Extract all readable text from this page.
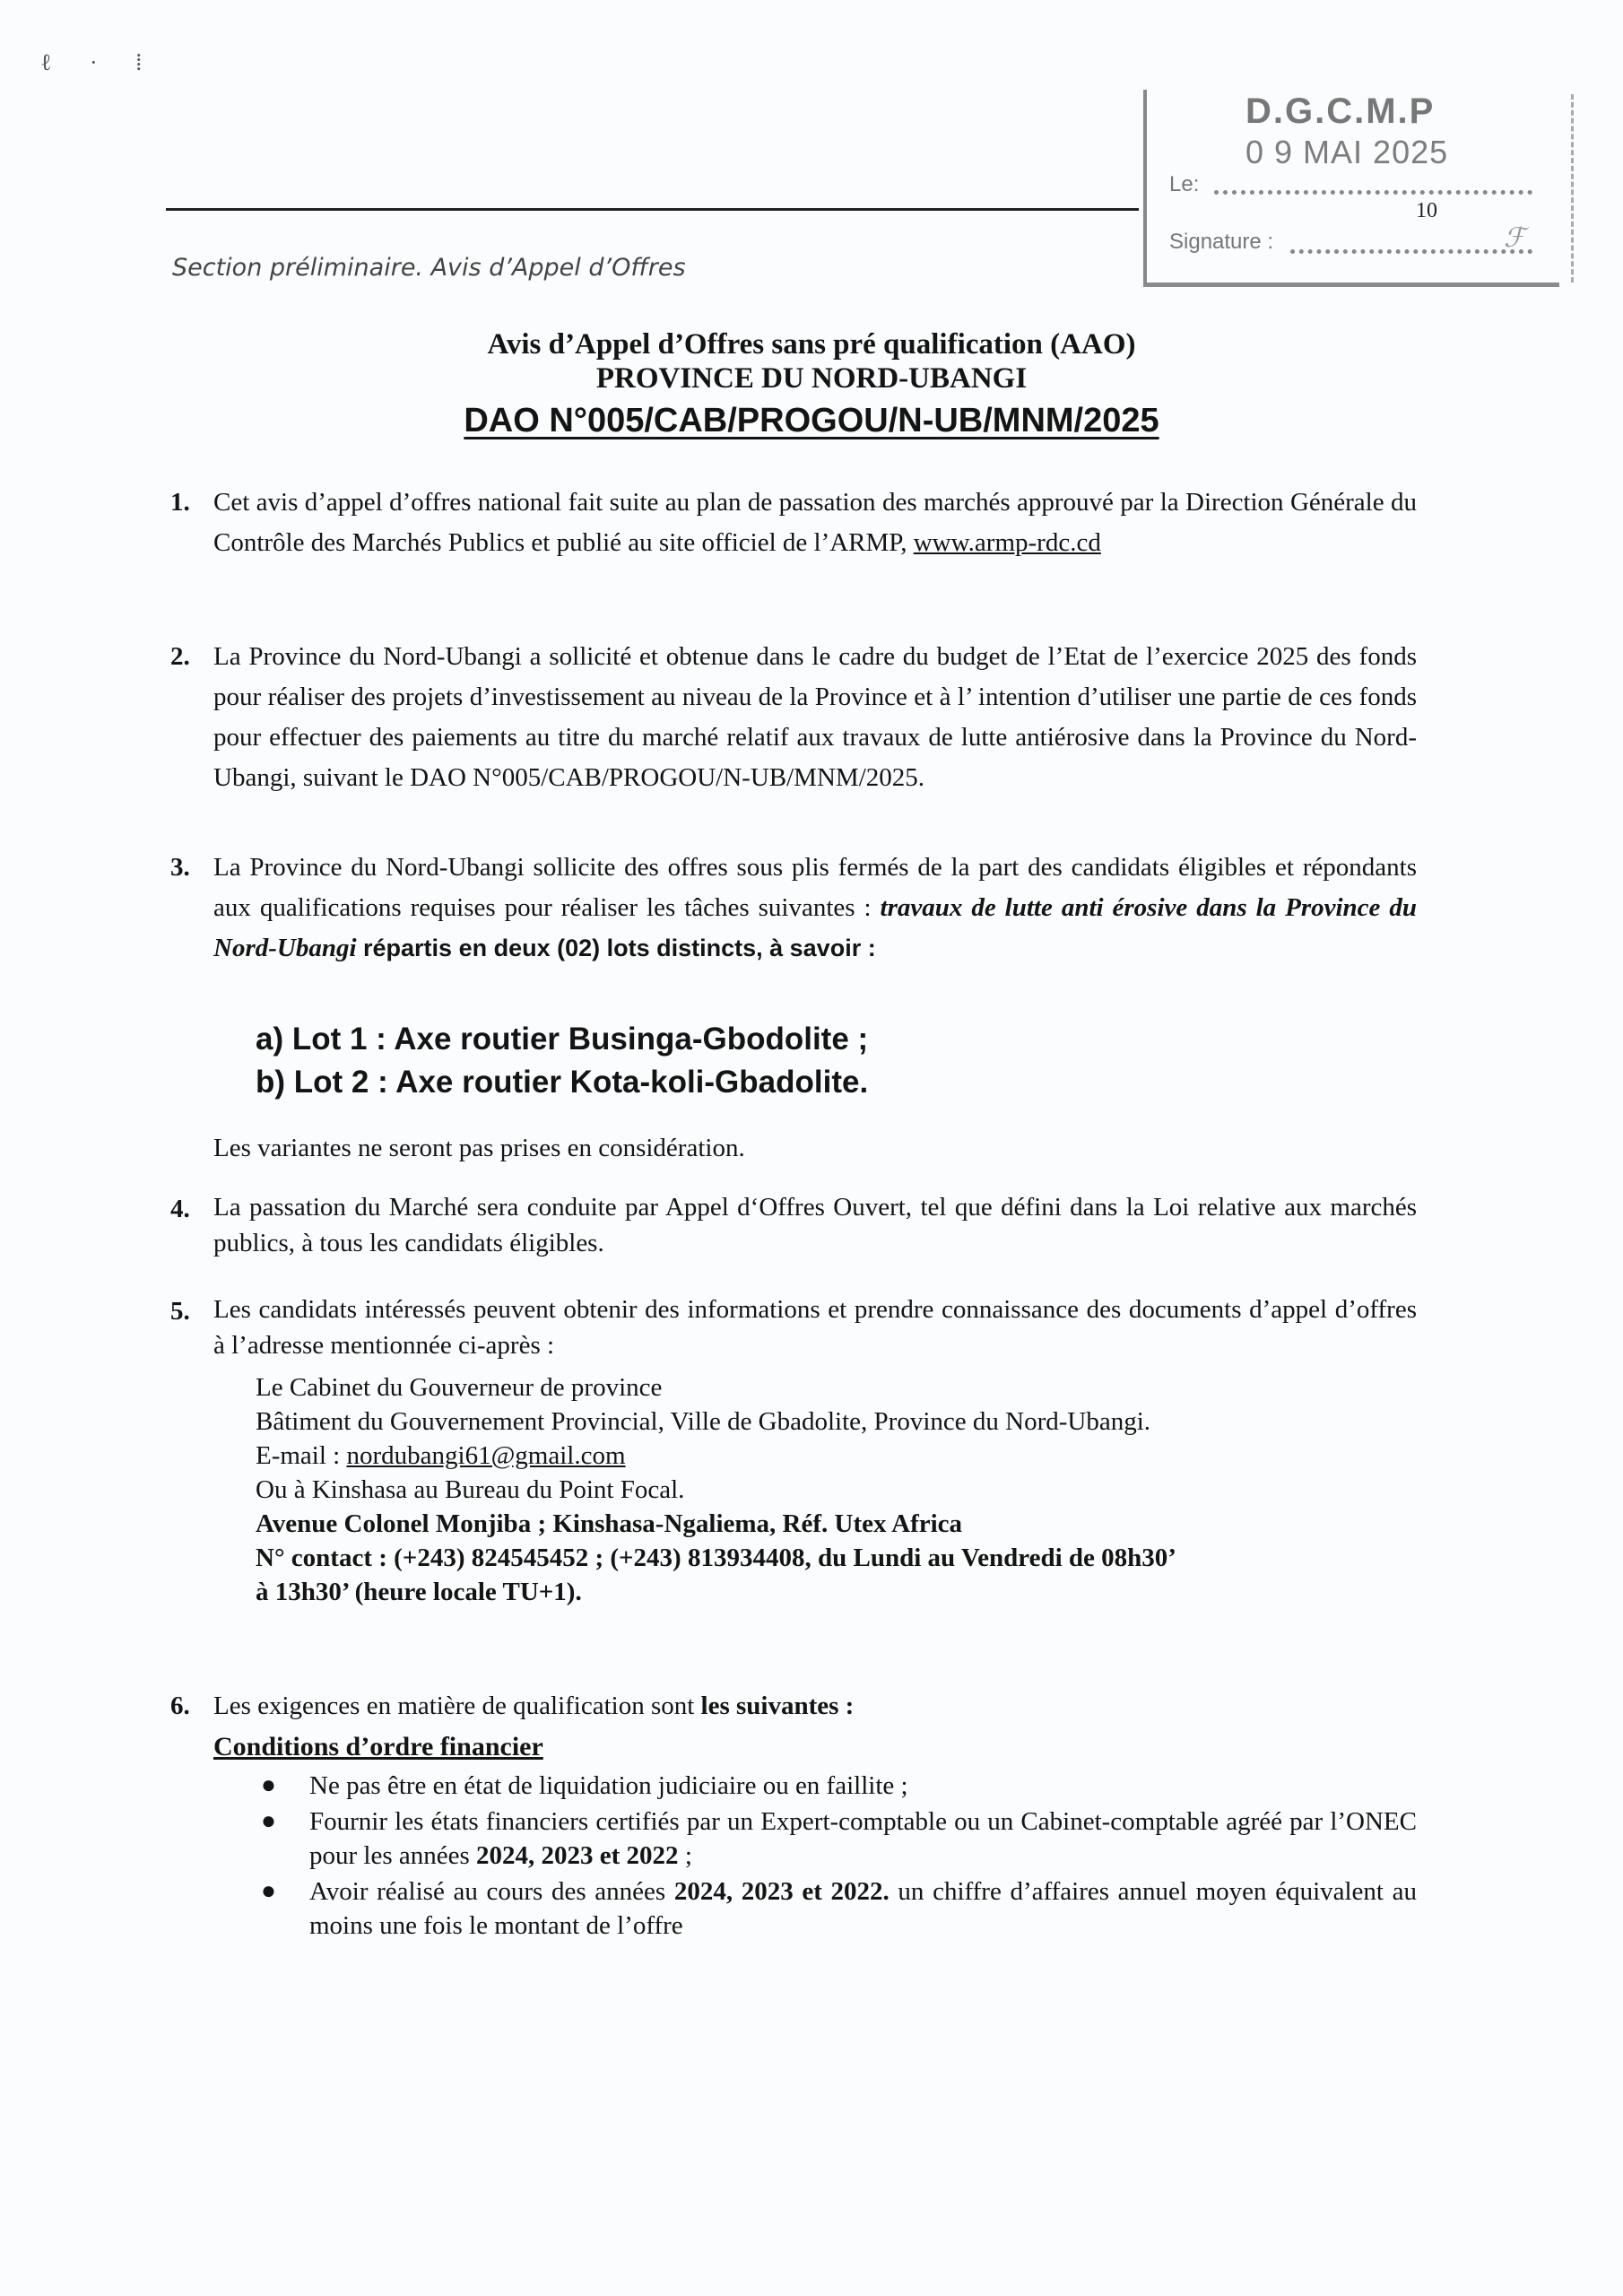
ℓ · ⁞
Section préliminaire. Avis d’Appel d’Offres
D.G.C.M.P
0 9 MAI 2025
Le:
10
Signature :	ℱ
Avis d’Appel d’Offres sans pré qualification (AAO)
PROVINCE DU NORD-UBANGI
DAO N°005/CAB/PROGOU/N-UB/MNM/2025
1. Cet avis d’appel d’offres national fait suite au plan de passation des marchés approuvé par la Direction Générale du Contrôle des Marchés Publics et publié au site officiel de l’ARMP, www.armp-rdc.cd
2. La Province du Nord-Ubangi a sollicité et obtenue dans le cadre du budget de l’Etat de l’exercice 2025 des fonds pour réaliser des projets d’investissement au niveau de la Province et à l’ intention d’utiliser une partie de ces fonds pour effectuer des paiements au titre du marché relatif aux travaux de lutte antiérosive dans la Province du Nord-Ubangi, suivant le DAO N°005/CAB/PROGOU/N-UB/MNM/2025.
3. La Province du Nord-Ubangi sollicite des offres sous plis fermés de la part des candidats éligibles et répondants aux qualifications requises pour réaliser les tâches suivantes : travaux de lutte anti érosive dans la Province du Nord-Ubangi répartis en deux (02) lots distincts, à savoir :
a) Lot 1 : Axe routier Businga-Gbodolite ;
b) Lot 2 : Axe routier Kota-koli-Gbadolite.
Les variantes ne seront pas prises en considération.
4. La passation du Marché sera conduite par Appel d‘Offres Ouvert, tel que défini dans la Loi relative aux marchés publics, à tous les candidats éligibles.
5. Les candidats intéressés peuvent obtenir des informations et prendre connaissance des documents d’appel d’offres à l’adresse mentionnée ci-après :
Le Cabinet du Gouverneur de province
Bâtiment du Gouvernement Provincial, Ville de Gbadolite, Province du Nord-Ubangi.
E-mail : nordubangi61@gmail.com
Ou à Kinshasa au Bureau du Point Focal.
Avenue Colonel Monjiba ; Kinshasa-Ngaliema, Réf. Utex Africa
N° contact : (+243) 824545452 ; (+243) 813934408, du Lundi au Vendredi de 08h30’
à 13h30’ (heure locale TU+1).
6. Les exigences en matière de qualification sont les suivantes :
Conditions d’ordre financier
● Ne pas être en état de liquidation judiciaire ou en faillite ;
● Fournir les états financiers certifiés par un Expert-comptable ou un Cabinet-comptable agréé par l’ONEC pour les années 2024, 2023 et 2022 ;
● Avoir réalisé au cours des années 2024, 2023 et 2022. un chiffre d’affaires annuel moyen équivalent au moins une fois le montant de l’offre
